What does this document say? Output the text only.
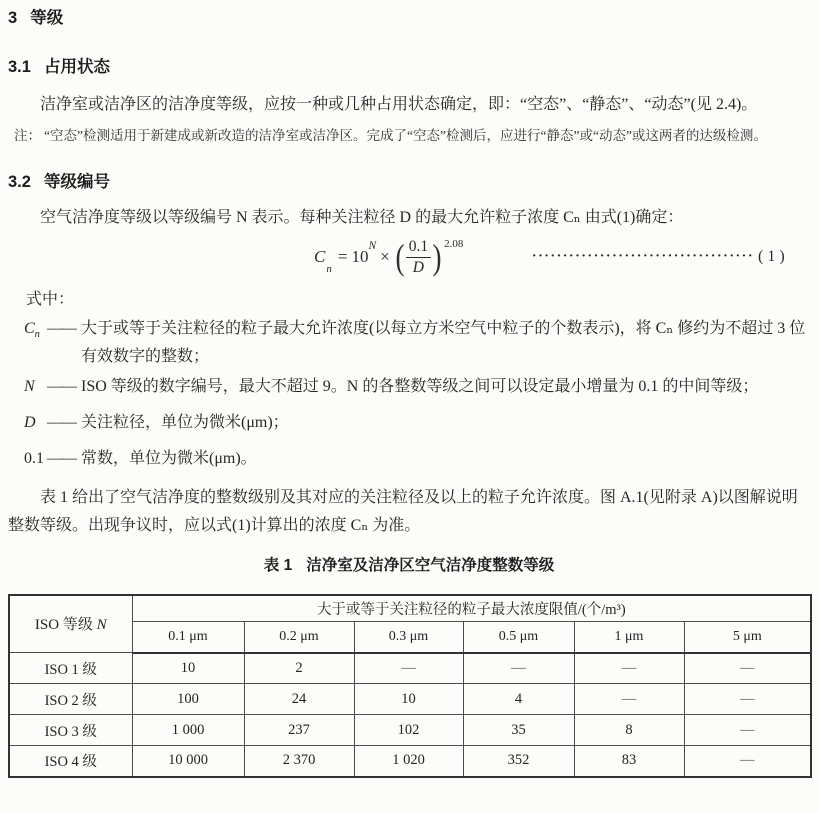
3 等级
3.1 占用状态

洁净室或洁净区的洁净度等级，应按一种或几种占用状态确定，即：“空态”、“静态”、“动态”(见 2.4)。

注： “空态”检测适用于新建成或新改造的洁净室或洁净区。完成了“空态”检测后，应进行“静态”或“动态”或这两者的达级检测。
3.2 等级编号

空气洁净度等级以等级编号 N 表示。每种关注粒径 D 的最大允许粒子浓度 Cₙ 由式(1)确定：

C
n
= 10
N
× ( $\frac{0.1}{D}$ ) 2.08
···································· ( 1 )
式中：
$C_n$ —— 大于或等于关注粒径的粒子最大允许浓度(以每立方米空气中粒子的个数表示)，将 Cₙ 修约为不超过 3 位有效数字的整数；
N —— ISO 等级的数字编号，最大不超过 9。N 的各整数等级之间可以设定最小增量为 0.1 的中间等级；
D —— 关注粒径，单位为微米(μm)；
0.1 —— 常数，单位为微米(μm)。

表 1 给出了空气洁净度的整数级别及其对应的关注粒径及以上的粒子允许浓度。图 A.1(见附录 A)以图解说明整数等级。出现争议时，应以式(1)计算出的浓度 Cₙ 为准。

表 1 洁净室及洁净区空气洁净度整数等级
ISO 等级 N	大于或等于关注粒径的粒子最大浓度限值/(个/m³)					
	0.1 μm	0.2 μm	0.3 μm	0.5 μm	1 μm	5 μm
ISO 1 级	10	2	—	—	—	—
ISO 2 级	100	24	10	4	—	—
ISO 3 级	1 000	237	102	35	8	—
ISO 4 级	10 000	2 370	1 020	352	83	—
